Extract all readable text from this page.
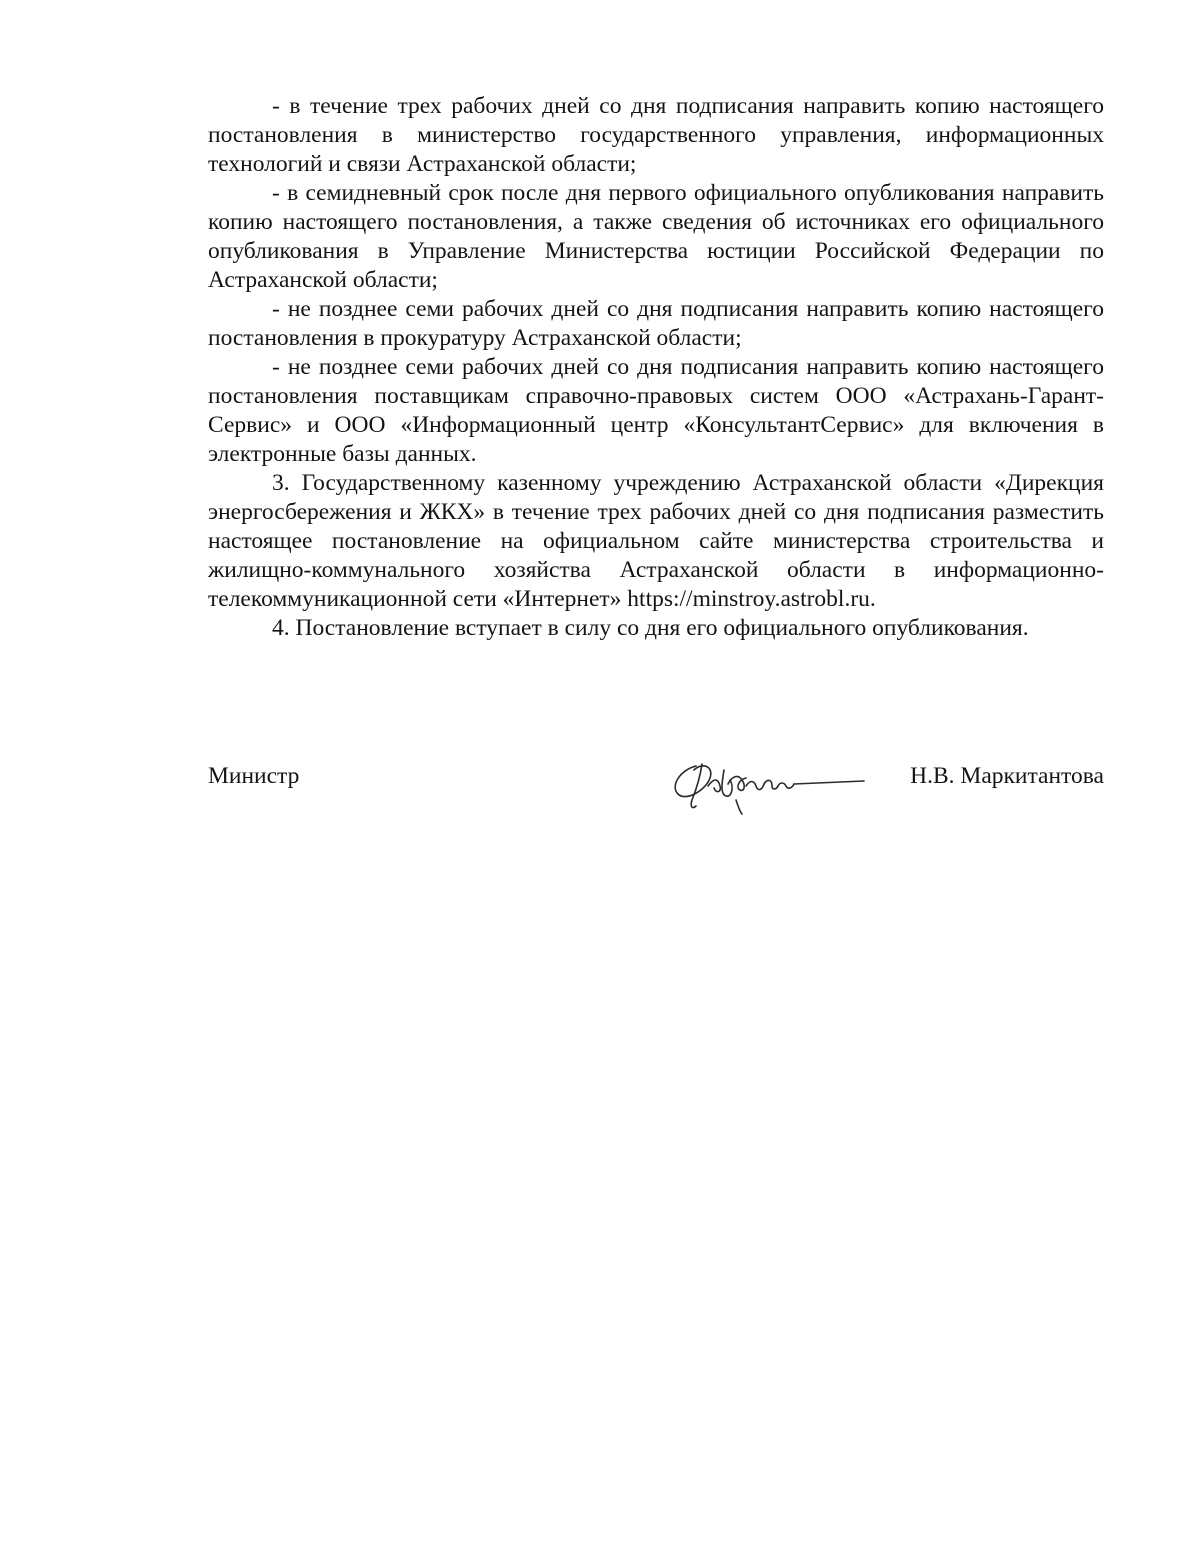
- в течение трех рабочих дней со дня подписания направить копию настоящего постановления в министерство государственного управления, информационных технологий и связи Астраханской области;

- в семидневный срок после дня первого официального опубликования направить копию настоящего постановления, а также сведения об источниках его официального опубликования в Управление Министерства юстиции Российской Федерации по Астраханской области;

- не позднее семи рабочих дней со дня подписания направить копию настоящего постановления в прокуратуру Астраханской области;

- не позднее семи рабочих дней со дня подписания направить копию настоящего постановления поставщикам справочно-правовых систем ООО «Астрахань-Гарант-Сервис» и ООО «Информационный центр «КонсультантСервис» для включения в электронные базы данных.

3. Государственному казенному учреждению Астраханской области «Дирекция энергосбережения и ЖКХ» в течение трех рабочих дней со дня подписания разместить настоящее постановление на официальном сайте министерства строительства и жилищно-коммунального хозяйства Астраханской области в информационно-телекоммуникационной сети «Интернет» https://minstroy.astrobl.ru.

4. Постановление вступает в силу со дня его официального опубликования.

Министр	Н.В. Маркитантова
